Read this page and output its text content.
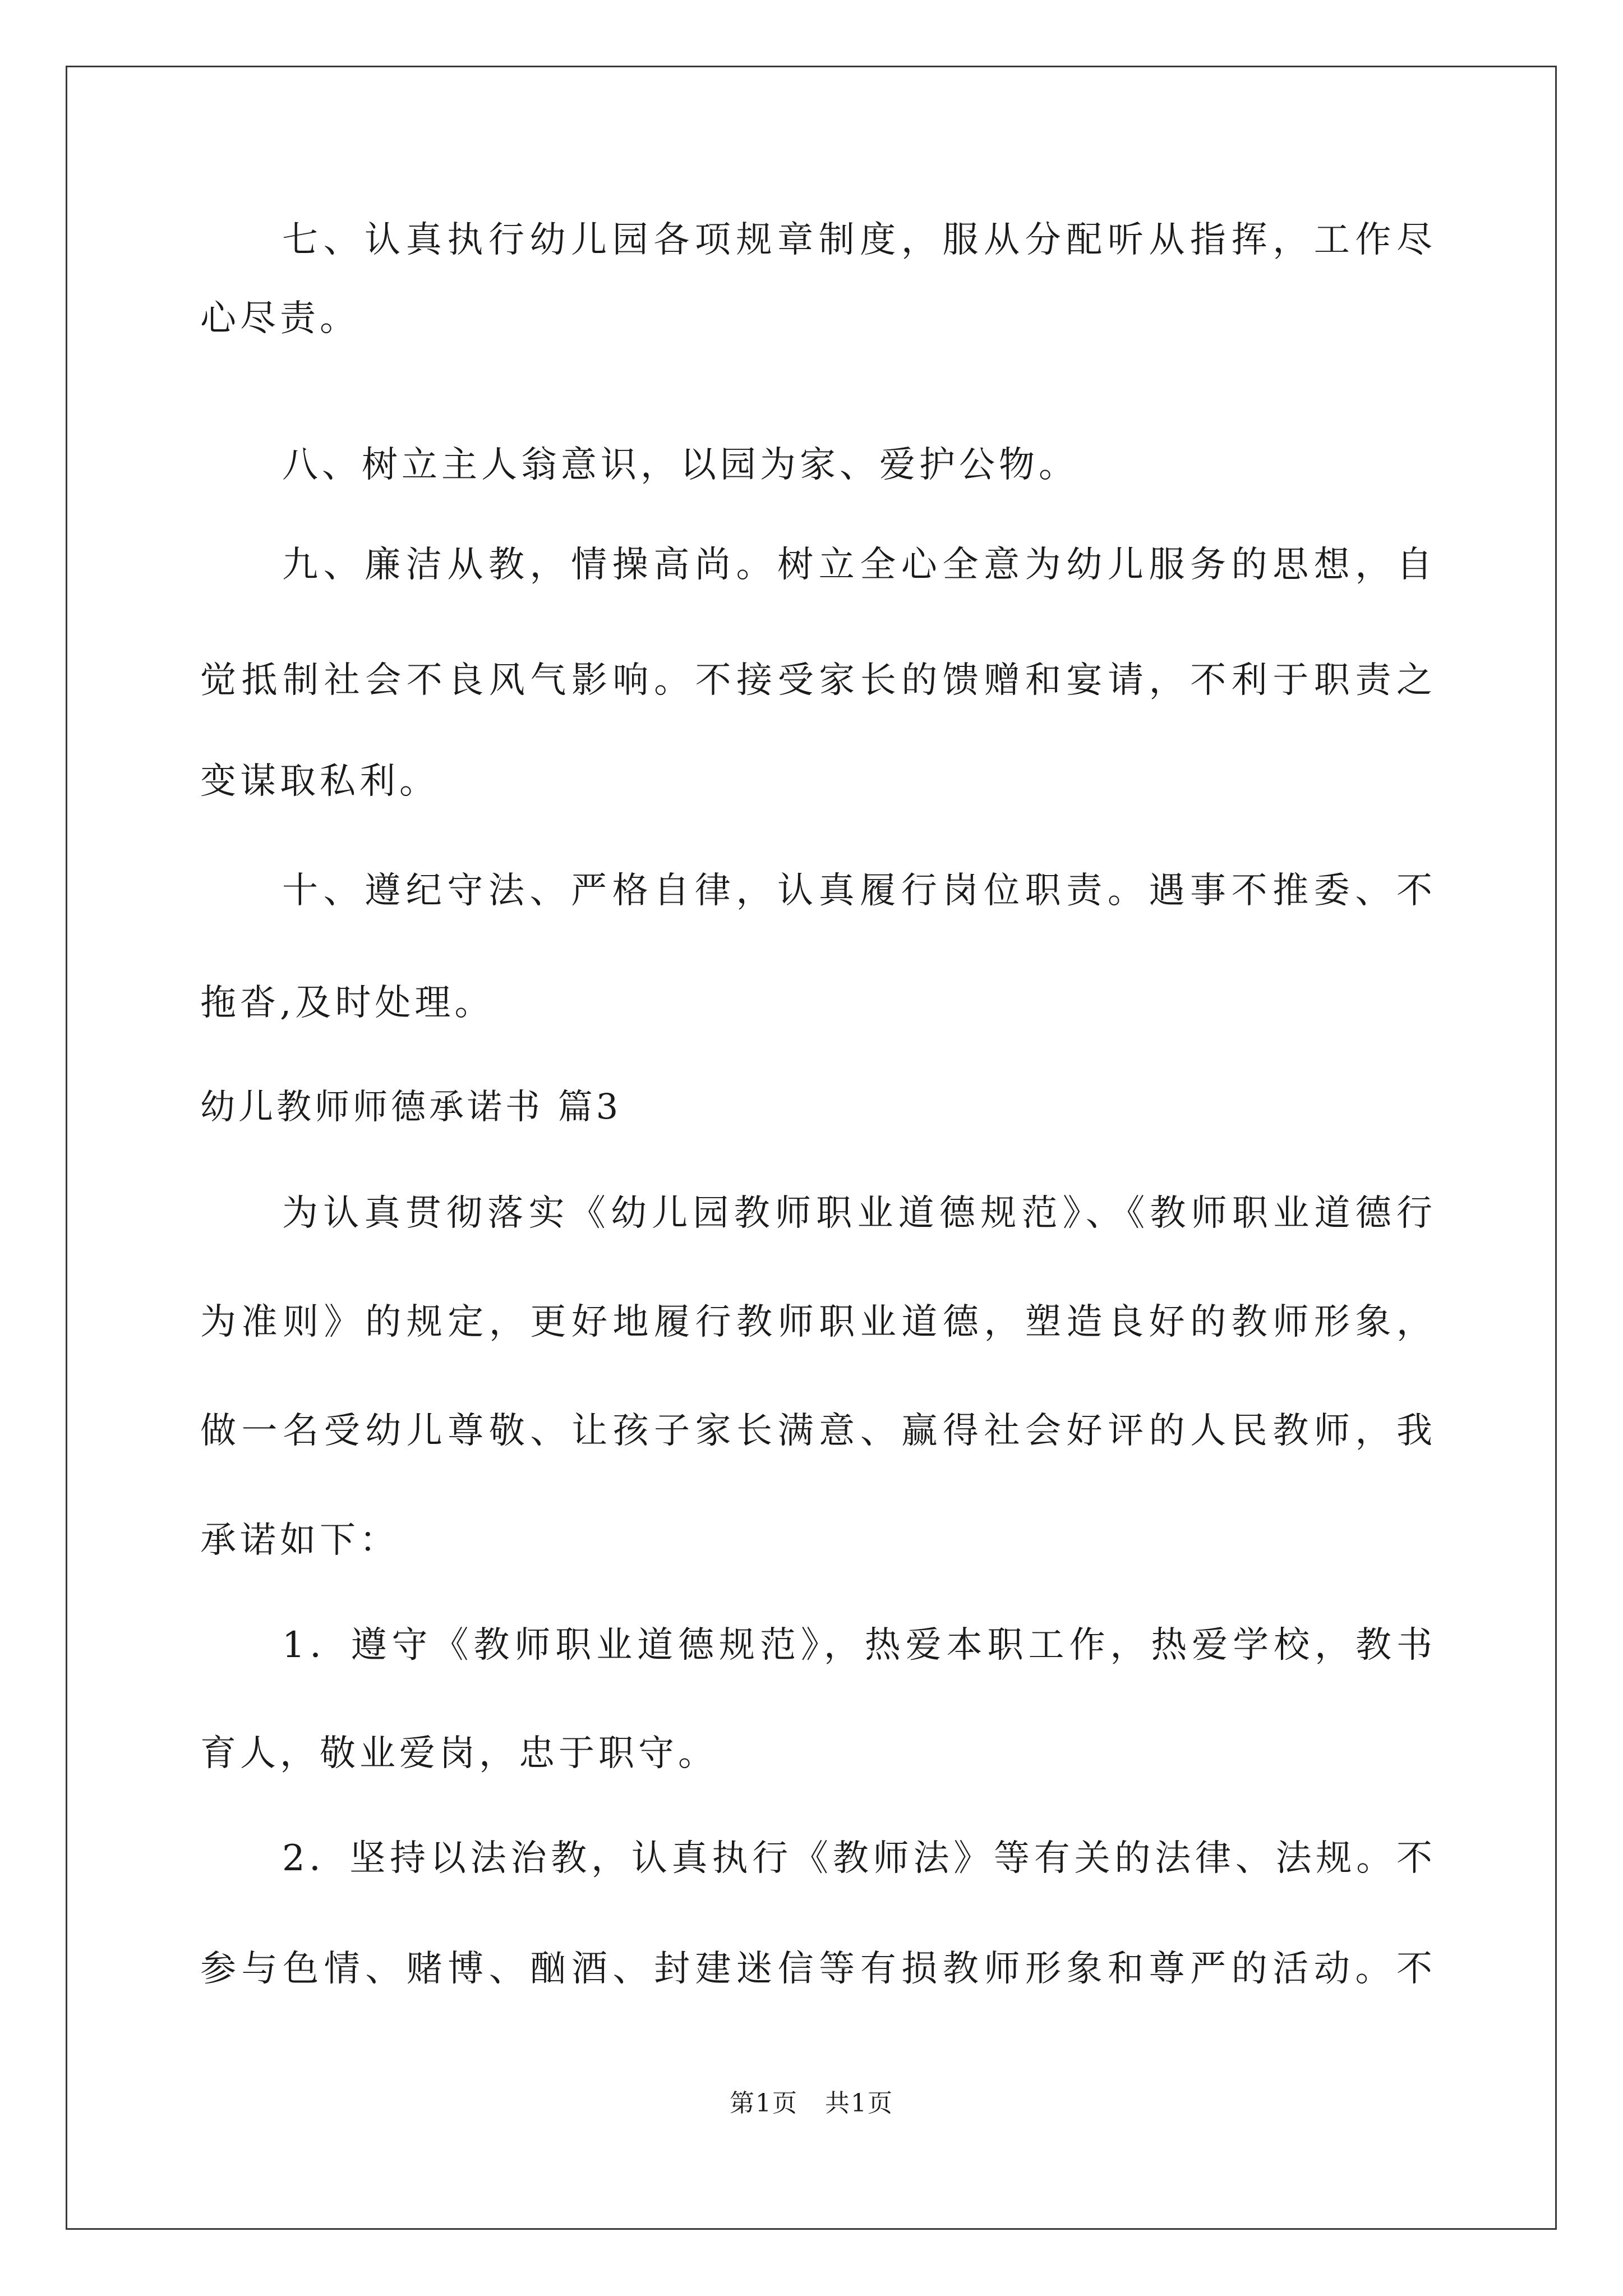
七、认真执行幼儿园各项规章制度，服从分配听从指挥，工作尽
心尽责。
八、树立主人翁意识，以园为家、爱护公物。
九、廉洁从教，情操高尚。树立全心全意为幼儿服务的思想，自
觉抵制社会不良风气影响。不接受家长的馈赠和宴请，不利于职责之
变谋取私利。
十、遵纪守法、严格自律，认真履行岗位职责。遇事不推委、不
拖沓,及时处理。
幼儿教师师德承诺书 篇3
为认真贯彻落实《幼儿园教师职业道德规范》、《教师职业道德行
为准则》的规定，更好地履行教师职业道德，塑造良好的教师形象，
做一名受幼儿尊敬、让孩子家长满意、赢得社会好评的人民教师，我
承诺如下：
1．遵守《教师职业道德规范》，热爱本职工作，热爱学校，教书
育人，敬业爱岗，忠于职守。
2．坚持以法治教，认真执行《教师法》等有关的法律、法规。不
参与色情、赌博、酗酒、封建迷信等有损教师形象和尊严的活动。不
第1页 共1页
